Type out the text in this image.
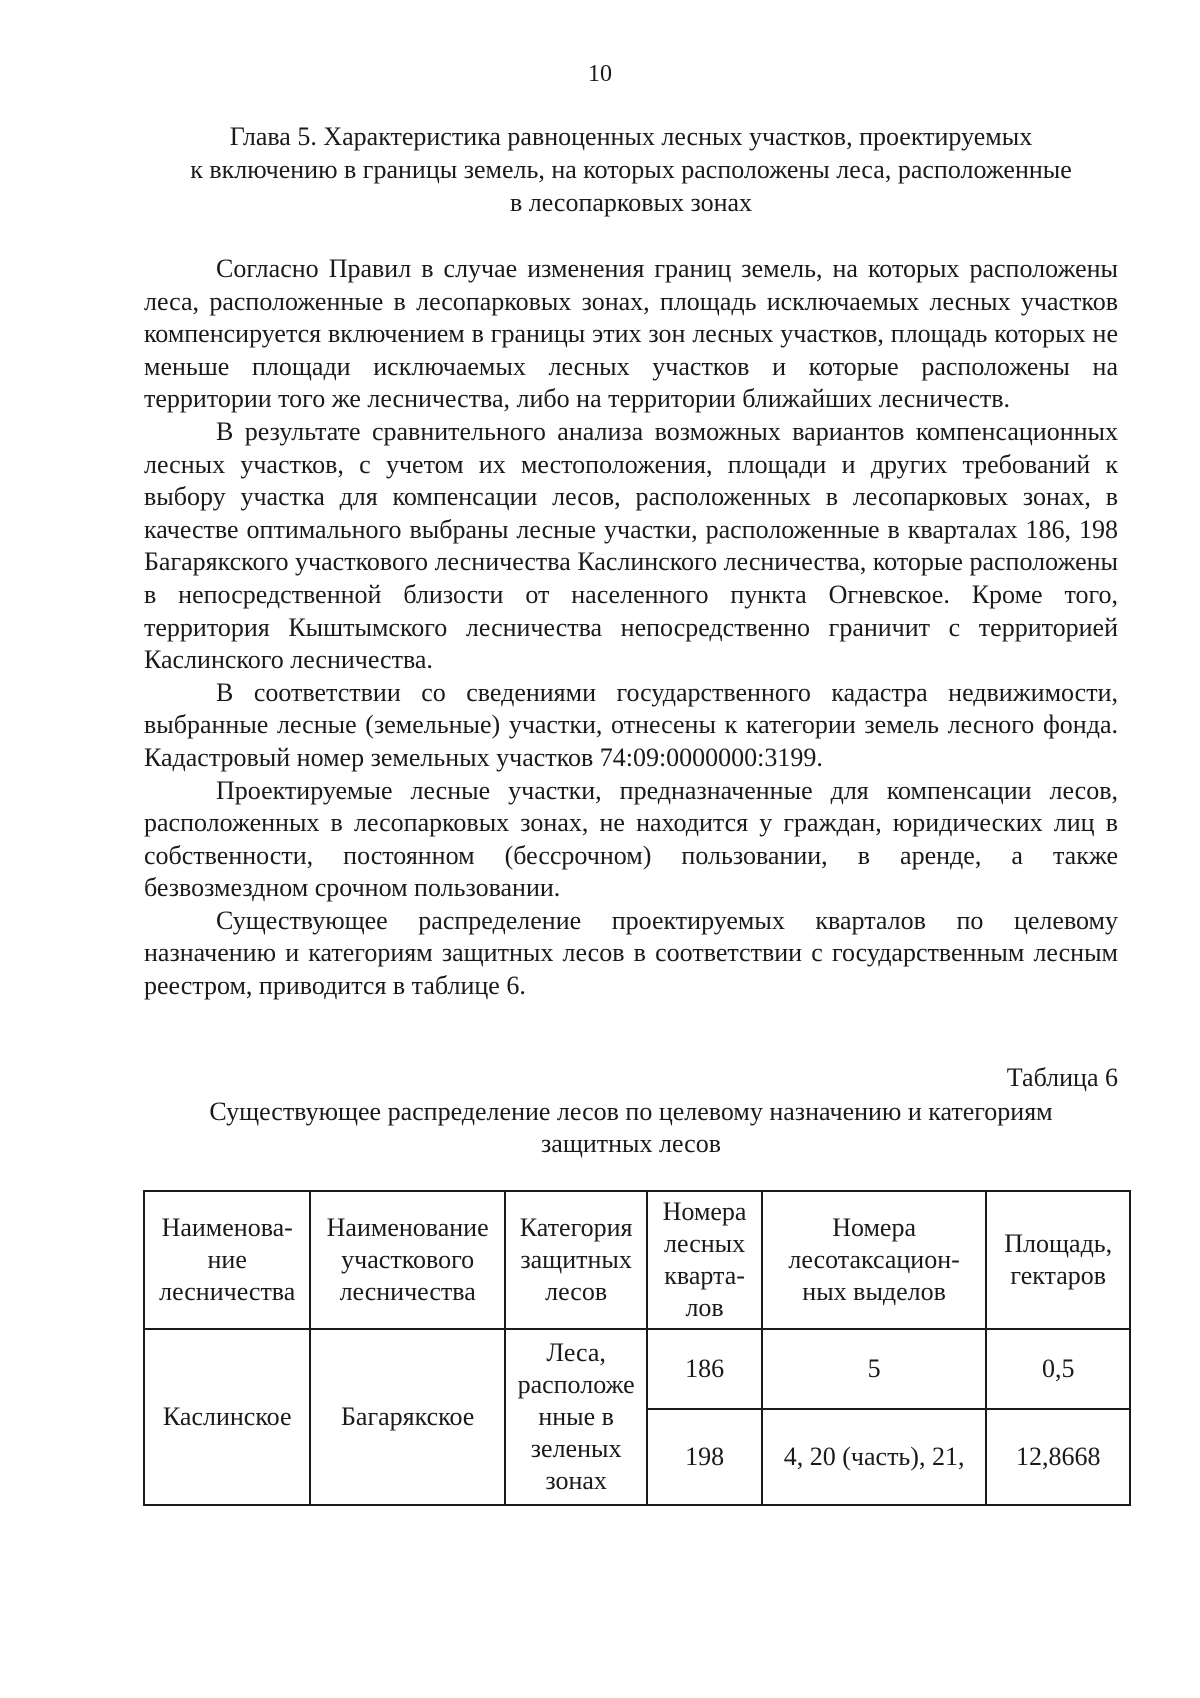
10
Глава 5. Характеристика равноценных лесных участков, проектируемых
к включению в границы земель, на которых расположены леса, расположенные
в лесопарковых зонах

Согласно Правил в случае изменения границ земель, на которых расположены леса, расположенные в лесопарковых зонах, площадь исключаемых лесных участков компенсируется включением в границы этих зон лесных участков, площадь которых не меньше площади исключаемых лесных участков и которые расположены на территории того же лесничества, либо на территории ближайших лесничеств.

В результате сравнительного анализа возможных вариантов компенсационных лесных участков, с учетом их местоположения, площади и других требований к выбору участка для компенсации лесов, расположенных в лесопарковых зонах, в качестве оптимального выбраны лесные участки, расположенные в кварталах 186, 198 Багарякского участкового лесничества Каслинского лесничества, которые расположены в непосредственной близости от населенного пункта Огневское. Кроме того, территория Кыштымского лесничества непосредственно граничит с территорией Каслинского лесничества.

В соответствии со сведениями государственного кадастра недвижимости, выбранные лесные (земельные) участки, отнесены к категории земель лесного фонда. Кадастровый номер земельных участков 74:09:0000000:3199.

Проектируемые лесные участки, предназначенные для компенсации лесов, расположенных в лесопарковых зонах, не находится у граждан, юридических лиц в собственности, постоянном (бессрочном) пользовании, в аренде, а также безвозмездном срочном пользовании.

Существующее распределение проектируемых кварталов по целевому назначению и категориям защитных лесов в соответствии с государственным лесным реестром, приводится в таблице 6.

Таблица 6
Существующее распределение лесов по целевому назначению и категориям
защитных лесов
Наименова-ние лесничества	Наименование участкового лесничества	Категория защитных лесов	Номера лесных кварта-лов	Номера лесотаксацион-ных выделов	Площадь, гектаров
Каслинское	Багарякское	Леса, расположе нные в зеленых зонах	186	5	0,5
			198	4, 20 (часть), 21,	12,8668
